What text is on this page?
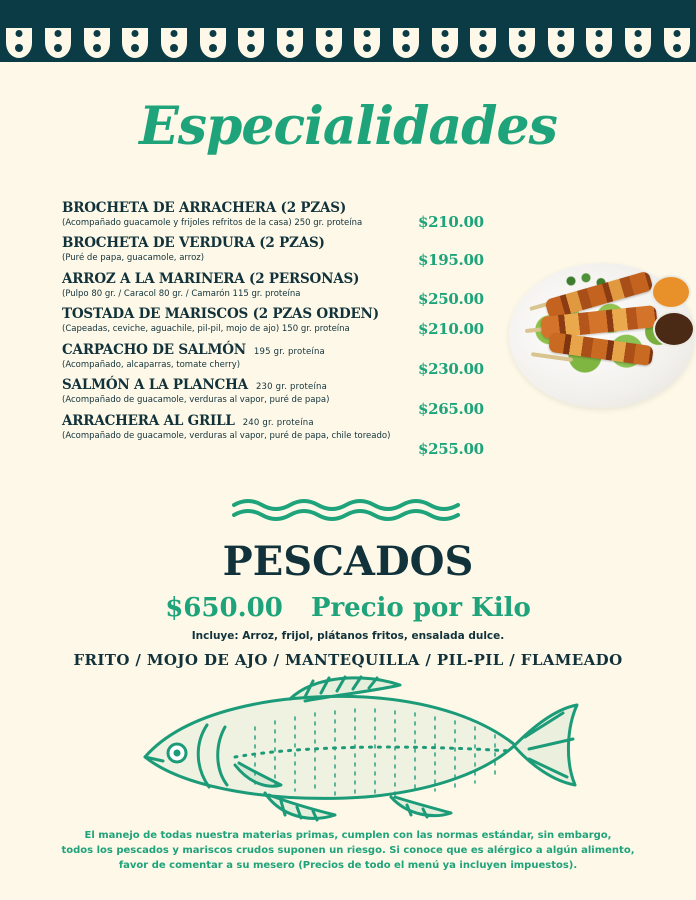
Especialidades
BROCHETA DE ARRACHERA (2 PZAS)
(Acompañado guacamole y frijoles refritos de la casa) 250 gr. proteína
BROCHETA DE VERDURA (2 PZAS)
(Puré de papa, guacamole, arroz)
ARROZ A LA MARINERA (2 PERSONAS)
(Pulpo 80 gr. / Caracol 80 gr. / Camarón 115 gr. proteína
TOSTADA DE MARISCOS (2 PZAS ORDEN)
(Capeadas, ceviche, aguachile, pil-pil, mojo de ajo) 150 gr. proteína
CARPACHO DE SALMÓN 195 gr. proteína
(Acompañado, alcaparras, tomate cherry)
SALMÓN A LA PLANCHA 230 gr. proteína
(Acompañado de guacamole, verduras al vapor, puré de papa)
ARRACHERA AL GRILL 240 gr. proteína
(Acompañado de guacamole, verduras al vapor, puré de papa, chile toreado)
$210.00
$195.00
$250.00
$210.00
$230.00
$265.00
$255.00
PESCADOS
$650.00 Precio por Kilo
Incluye: Arroz, frijol, plátanos fritos, ensalada dulce.
FRITO / MOJO DE AJO / MANTEQUILLA / PIL-PIL / FLAMEADO
El manejo de todas nuestra materias primas, cumplen con las normas estándar, sin embargo,
todos los pescados y mariscos crudos suponen un riesgo. Si conoce que es alérgico a algún alimento,
favor de comentar a su mesero (Precios de todo el menú ya incluyen impuestos).
